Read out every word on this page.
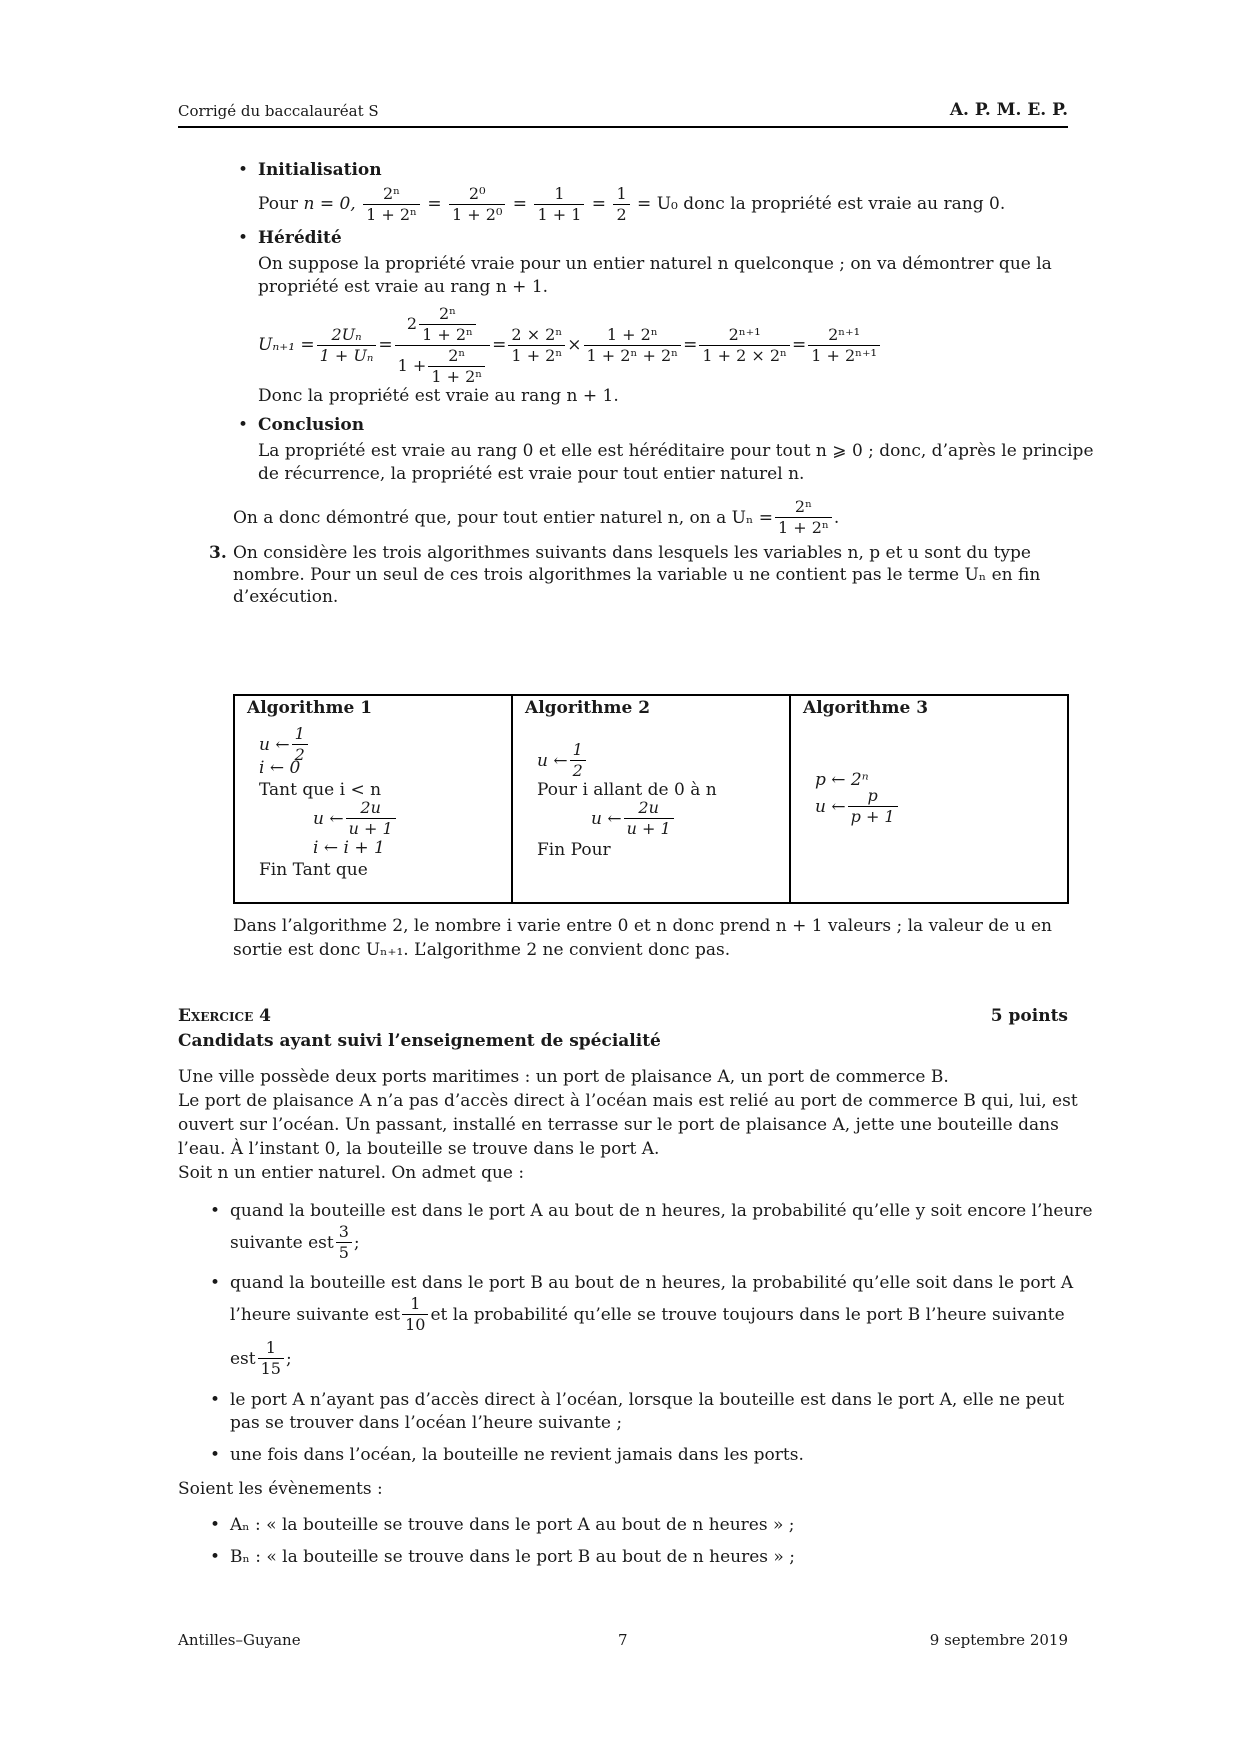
Corrigé du baccalauréat S	A. P. M. E. P.
• Initialisation
Pour n = 0, $\frac{\text{2ⁿ}}{\text{1 + 2ⁿ}} = \frac{\text{2⁰}}{\text{1 + 2⁰}} = \frac{1}{1 + 1} = \frac{1}{2} = U_0$ donc la propriété est vraie au rang 0.
• Hérédité
On suppose la propriété vraie pour un entier naturel n quelconque ; on va démontrer que la
propriété est vraie au rang n + 1.
$U_{n+1} = \frac{\text{2Uₙ}}{\text{1 + Uₙ}} = \frac{2 \frac{\text{2ⁿ}}{\text{1 + 2ⁿ}}}{1 + \frac{\text{2ⁿ}}{\text{1 + 2ⁿ}}} = \frac{\text{2 × 2ⁿ}}{\text{1 + 2ⁿ}} \times \frac{\text{1 + 2ⁿ}}{\text{1 + 2ⁿ + 2ⁿ}} = \frac{\text{2ⁿ⁺¹}}{\text{1 + 2 × 2ⁿ}} = \frac{\text{2ⁿ⁺¹}}{\text{1 + 2ⁿ⁺¹}}$
Donc la propriété est vraie au rang n + 1.
• Conclusion
La propriété est vraie au rang 0 et elle est héréditaire pour tout n ⩾ 0 ; donc, d’après le principe
de récurrence, la propriété est vraie pour tout entier naturel n.
On a donc démontré que, pour tout entier naturel n, on a $U_n = \frac{\text{2ⁿ}}{\text{1 + 2ⁿ}}$ .
3. On considère les trois algorithmes suivants dans lesquels les variables n, p et u sont du type
nombre. Pour un seul de ces trois algorithmes la variable u ne contient pas le terme Uₙ en fin
d’exécution.
Algorithme 1
u ← $\frac{1}{2}$
i ← 0
Tant que i < n
u ← $\frac{2u}{u + 1}$
i ← i + 1
Fin Tant que

Algorithme 2
u ← $\frac{1}{2}$
Pour i allant de 0 à n
u ← $\frac{2u}{u + 1}$
Fin Pour

Algorithme 3
p ← 2ⁿ
u ← $\frac{p}{p + 1}$
Dans l’algorithme 2, le nombre i varie entre 0 et n donc prend n + 1 valeurs ; la valeur de u en
sortie est donc Uₙ₊₁. L’algorithme 2 ne convient donc pas.
Exercice 4	5 points
Candidats ayant suivi l’enseignement de spécialité
Une ville possède deux ports maritimes : un port de plaisance A, un port de commerce B.
Le port de plaisance A n’a pas d’accès direct à l’océan mais est relié au port de commerce B qui, lui, est
ouvert sur l’océan. Un passant, installé en terrasse sur le port de plaisance A, jette une bouteille dans
l’eau. À l’instant 0, la bouteille se trouve dans le port A.
Soit n un entier naturel. On admet que :
• quand la bouteille est dans le port A au bout de n heures, la probabilité qu’elle y soit encore l’heure
suivante est $\frac{3}{5}$ ;
• quand la bouteille est dans le port B au bout de n heures, la probabilité qu’elle soit dans le port A
l’heure suivante est $\frac{1}{10}$ et la probabilité qu’elle se trouve toujours dans le port B l’heure suivante
est $\frac{1}{15}$ ;
• le port A n’ayant pas d’accès direct à l’océan, lorsque la bouteille est dans le port A, elle ne peut
pas se trouver dans l’océan l’heure suivante ;
• une fois dans l’océan, la bouteille ne revient jamais dans les ports.
Soient les évènements :
• Aₙ : « la bouteille se trouve dans le port A au bout de n heures » ;
• Bₙ : « la bouteille se trouve dans le port B au bout de n heures » ;
Antilles–Guyane	7	9 septembre 2019
